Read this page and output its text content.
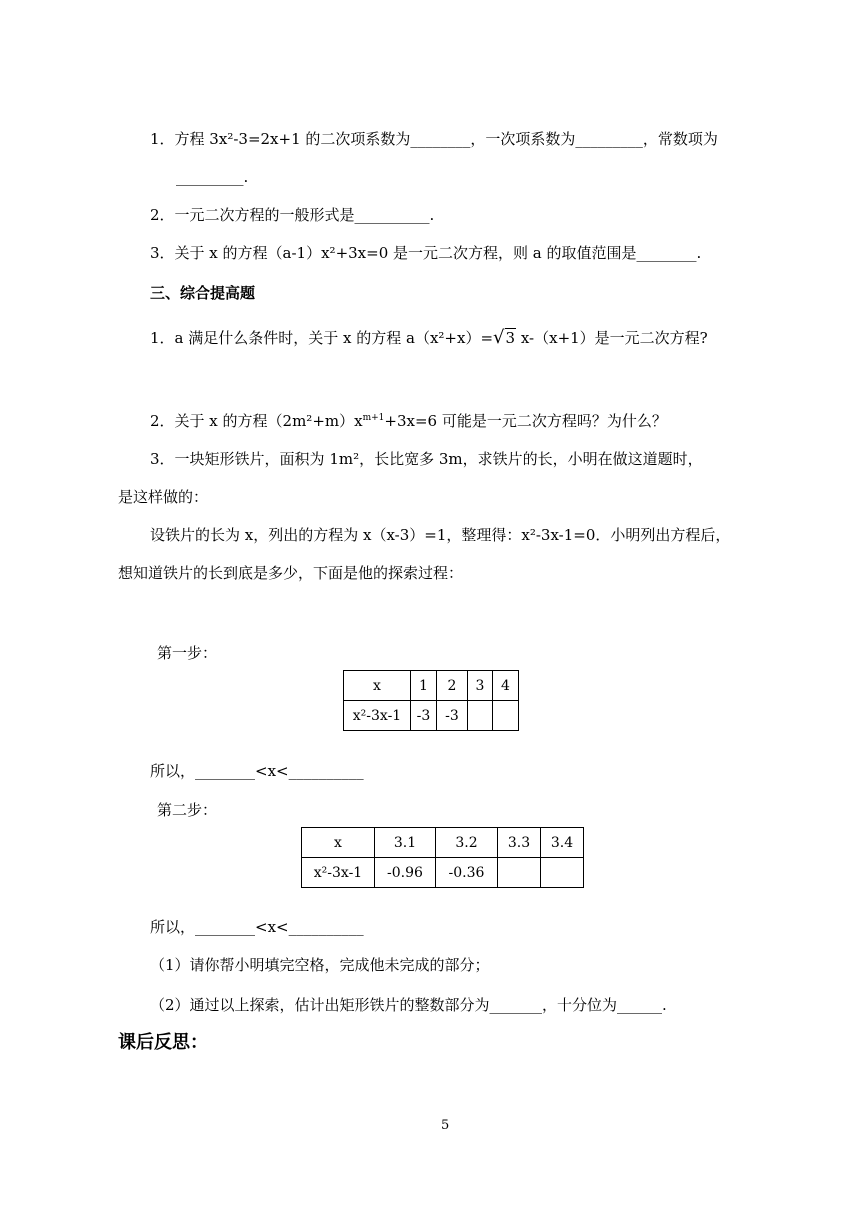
1．方程 3x²-3=2x+1 的二次项系数为________，一次项系数为_________，常数项为
_________.
2．一元二次方程的一般形式是__________.
3．关于 x 的方程（a-1）x²+3x=0 是一元二次方程，则 a 的取值范围是________.
三、综合提高题
1．a 满足什么条件时，关于 x 的方程 a（x²+x）=√3 x-（x+1）是一元二次方程?
2．关于 x 的方程$(2m^2+m)x^{m+1}+3x=6$ 可能是一元二次方程吗？为什么？
3．一块矩形铁片，面积为 1m²，长比宽多 3m，求铁片的长，小明在做这道题时，
是这样做的：
设铁片的长为 x，列出的方程为 x（x-3）=1，整理得：x²-3x-1=0．小明列出方程后，
想知道铁片的长到底是多少，下面是他的探索过程：
第一步：
x	1	2	3	4
x²-3x-1	-3	-3		
所以，________<x<__________
第二步：
x	3.1	3.2	3.3	3.4
x²-3x-1	-0.96	-0.36		
所以，________<x<__________
（1）请你帮小明填完空格，完成他未完成的部分；
（2）通过以上探索，估计出矩形铁片的整数部分为_______，十分位为______.
课后反思：
5
